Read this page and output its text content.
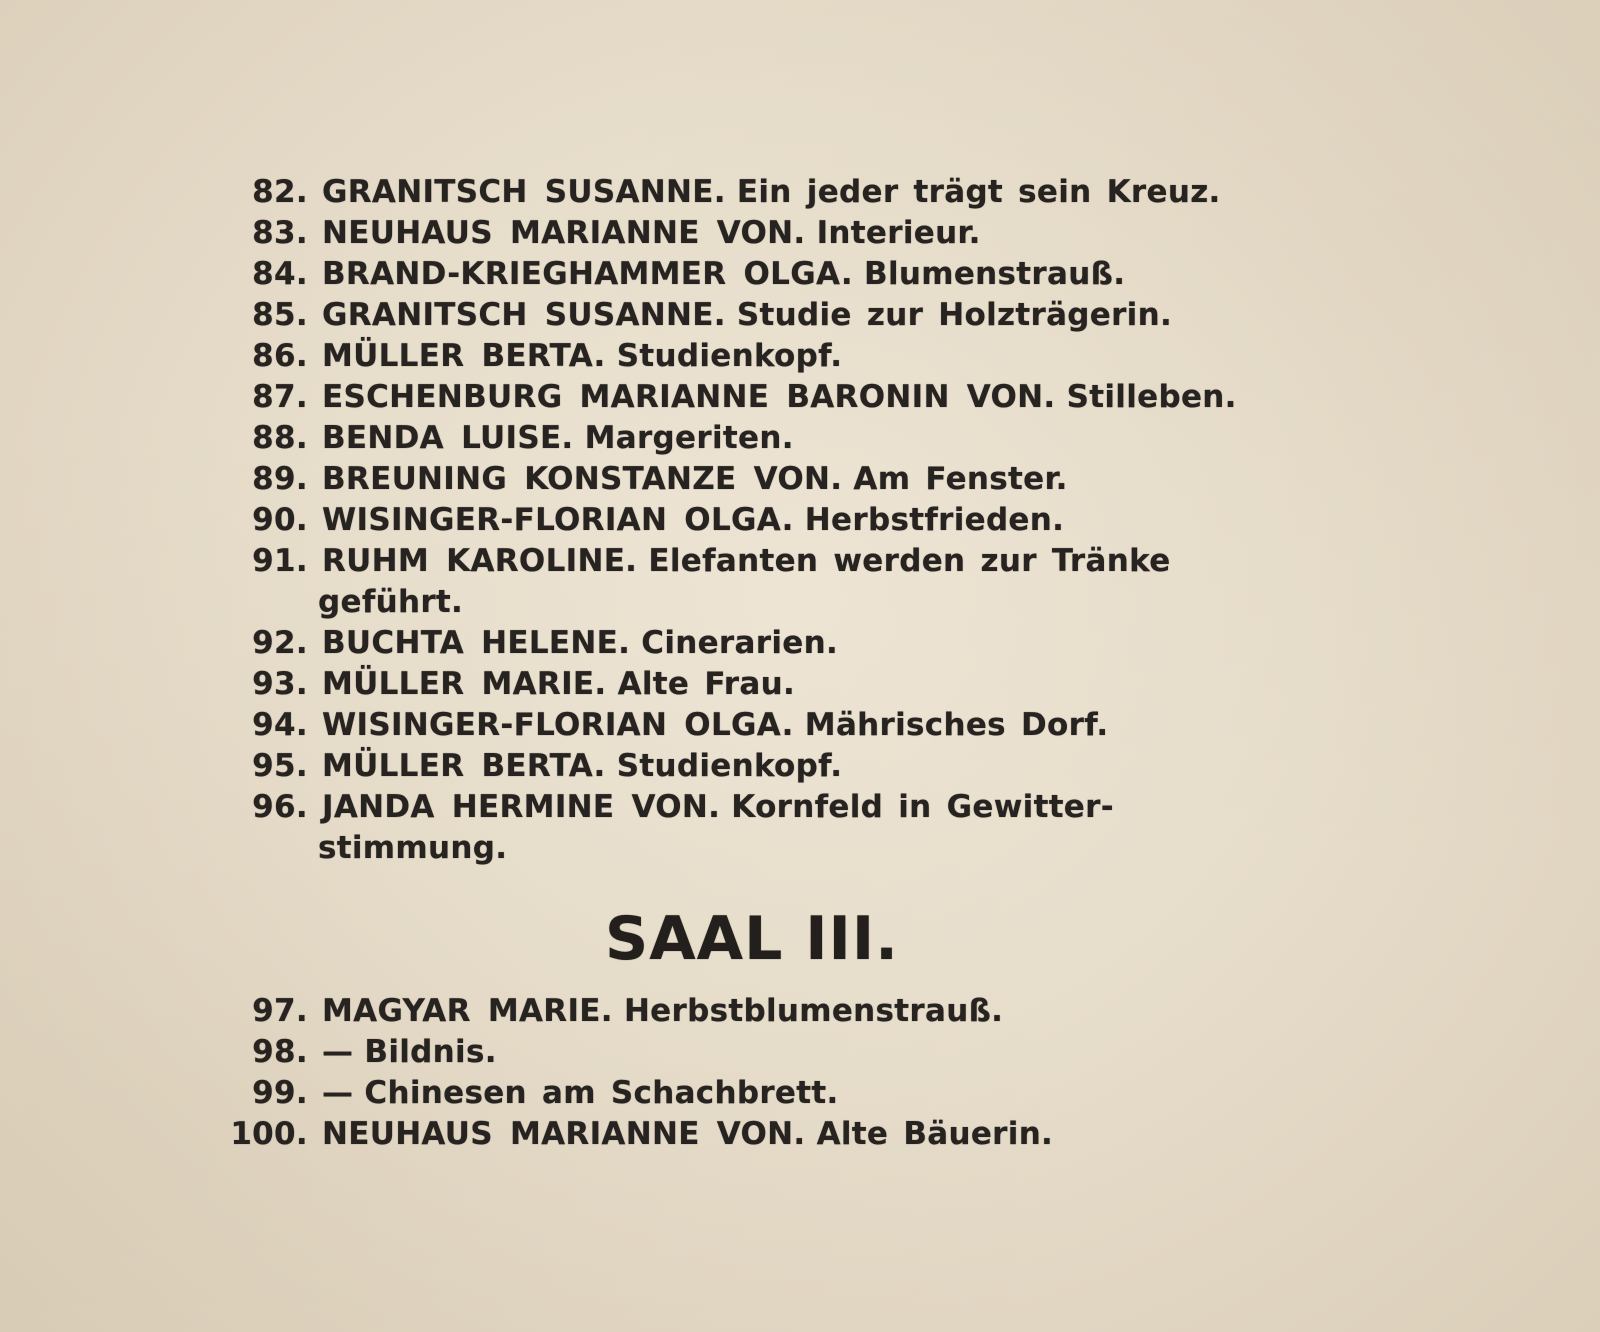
82. GRANITSCH SUSANNE. Ein jeder trägt sein Kreuz.
83. NEUHAUS MARIANNE VON. Interieur.
84. BRAND-KRIEGHAMMER OLGA. Blumenstrauß.
85. GRANITSCH SUSANNE. Studie zur Holzträgerin.
86. MÜLLER BERTA. Studienkopf.
87. ESCHENBURG MARIANNE BARONIN VON. Stilleben.
88. BENDA LUISE. Margeriten.
89. BREUNING KONSTANZE VON. Am Fenster.
90. WISINGER-FLORIAN OLGA. Herbstfrieden.
91. RUHM KAROLINE. Elefanten werden zur Tränke
geführt.
92. BUCHTA HELENE. Cinerarien.
93. MÜLLER MARIE. Alte Frau.
94. WISINGER-FLORIAN OLGA. Mährisches Dorf.
95. MÜLLER BERTA. Studienkopf.
96. JANDA HERMINE VON. Kornfeld in Gewitter-
stimmung.
SAAL III.
97. MAGYAR MARIE. Herbstblumenstrauß.
98. — Bildnis.
99. — Chinesen am Schachbrett.
100. NEUHAUS MARIANNE VON. Alte Bäuerin.
